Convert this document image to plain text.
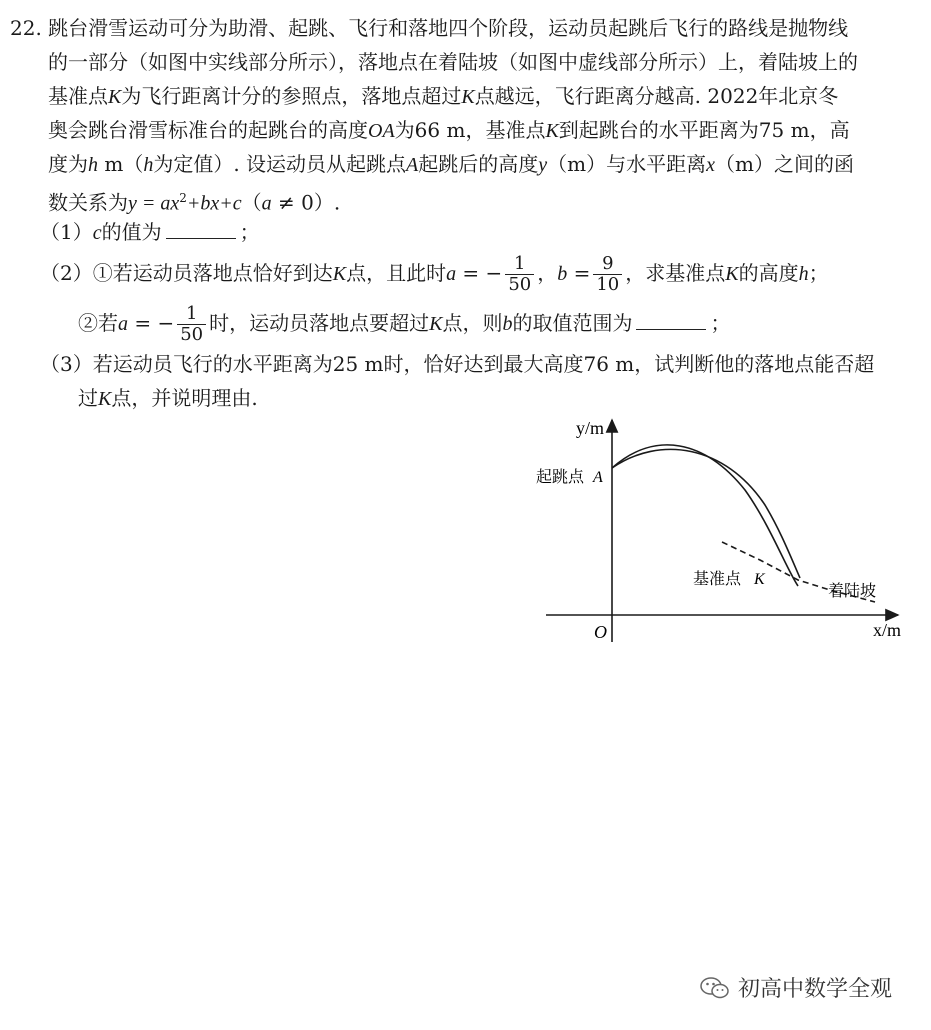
22. 跳台滑雪运动可分为助滑、起跳、飞行和落地四个阶段，运动员起跳后飞行的路线是抛物线
的一部分（如图中实线部分所示），落地点在着陆坡（如图中虚线部分所示）上，着陆坡上的
基准点K为飞行距离计分的参照点，落地点超过K点越远，飞行距离分越高. 2022年北京冬
奥会跳台滑雪标准台的起跳台的高度OA为66 m，基准点K到起跳台的水平距离为75 m，高
度为h m（h为定值）. 设运动员从起跳点A起跳后的高度y（m）与水平距离x（m）之间的函
数关系为$y = ax^2+bx+c(a \ne 0)$.
（1）c的值为	；
（2）①若运动员落地点恰好到达K点，且此时a = − $\frac{1}{50}$ ，$b = \frac{9}{10}$ ，求基准点K的高度h；
②若a = − $\frac{1}{50}$ 时，运动员落地点要超过K点，则b的取值范围为	；
（3）若运动员飞行的水平距离为25 m时，恰好达到最大高度76 m，试判断他的落地点能否超
过K点，并说明理由.
y/m
x/m
O
起跳点 A
基准点 K
着陆坡
初高中数学全观
